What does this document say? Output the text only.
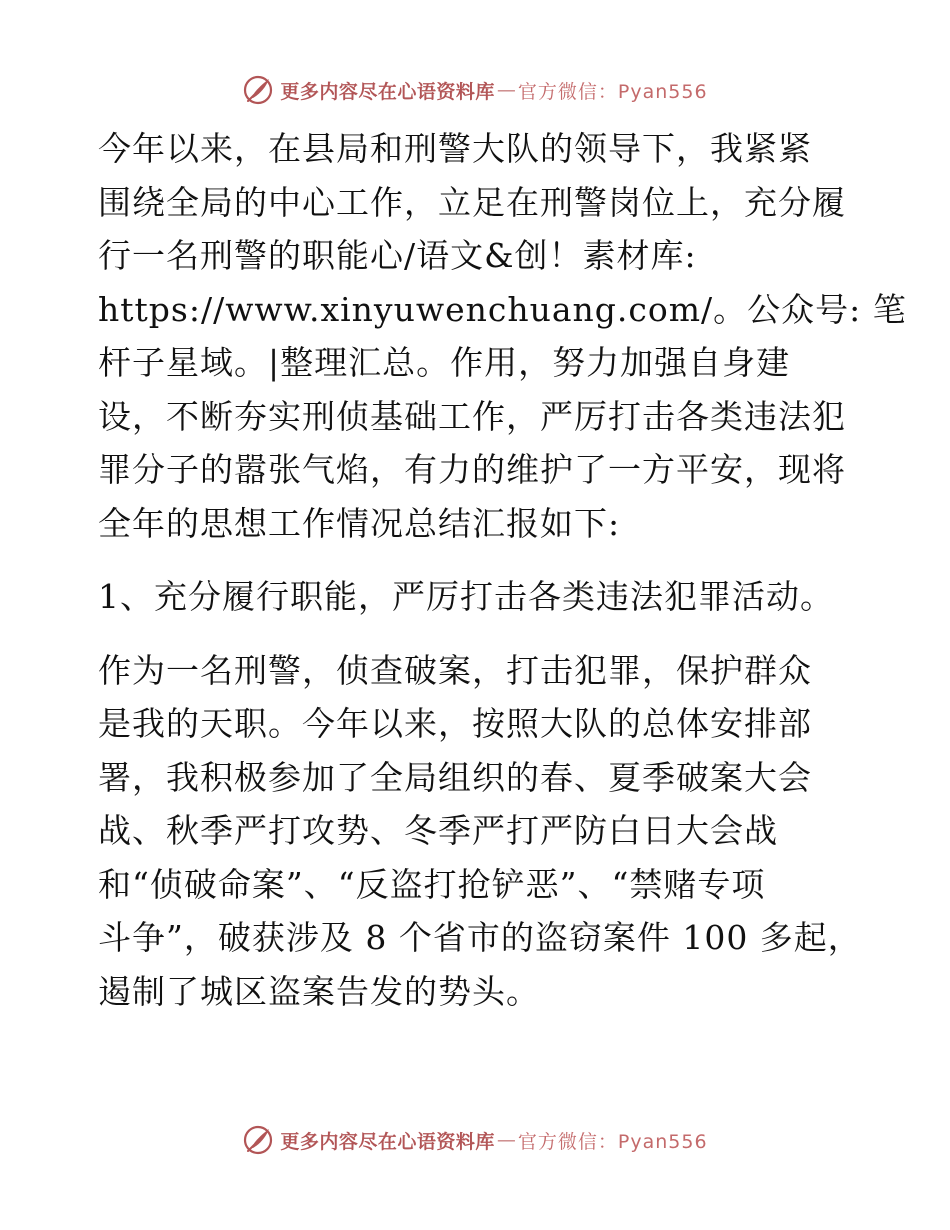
更多内容尽在心语资料库 — 官方微信：Pyan556
今年以来，在县局和刑警大队的领导下，我紧紧
围绕全局的中心工作，立足在刑警岗位上，充分履
行一名刑警的职能心/语文&创！素材库:
https://www.xinyuwenchuang.com/。公众号: 笔
杆子星域。|整理汇总。作用，努力加强自身建
设，不断夯实刑侦基础工作，严厉打击各类违法犯
罪分子的嚣张气焰，有力的维护了一方平安，现将
全年的思想工作情况总结汇报如下:
1、充分履行职能，严厉打击各类违法犯罪活动。
作为一名刑警，侦查破案，打击犯罪，保护群众
是我的天职。今年以来，按照大队的总体安排部
署，我积极参加了全局组织的春、夏季破案大会
战、秋季严打攻势、冬季严打严防白日大会战
和“侦破命案”、“反盗打抢铲恶”、“禁赌专项
斗争”，破获涉及 8 个省市的盗窃案件 100 多起，
遏制了城区盗案告发的势头。
更多内容尽在心语资料库 — 官方微信：Pyan556
